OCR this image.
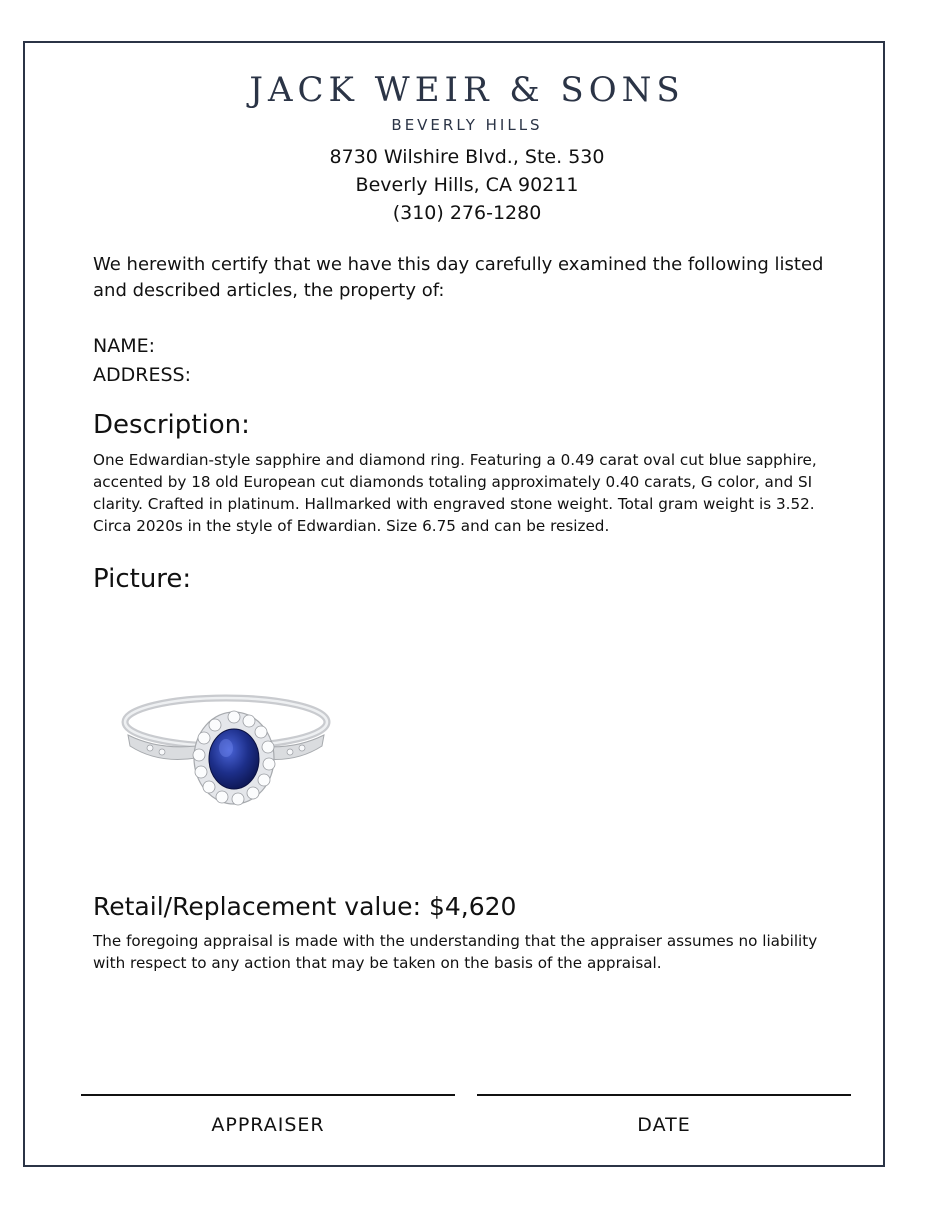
JACK WEIR & SONS
BEVERLY HILLS
8730 Wilshire Blvd., Ste. 530
Beverly Hills, CA 90211
(310) 276-1280
We herewith certify that we have this day carefully examined the following listed and described articles, the property of:
NAME:
ADDRESS:
Description:
One Edwardian-style sapphire and diamond ring. Featuring a 0.49 carat oval cut blue sapphire, accented by 18 old European cut diamonds totaling approximately 0.40 carats, G color, and SI clarity. Crafted in platinum. Hallmarked with engraved stone weight. Total gram weight is 3.52. Circa 2020s in the style of Edwardian. Size 6.75 and can be resized.
Picture:
Retail/Replacement value: $4,620
The foregoing appraisal is made with the understanding that the appraiser assumes no liability with respect to any action that may be taken on the basis of the appraisal.
APPRAISER	DATE
